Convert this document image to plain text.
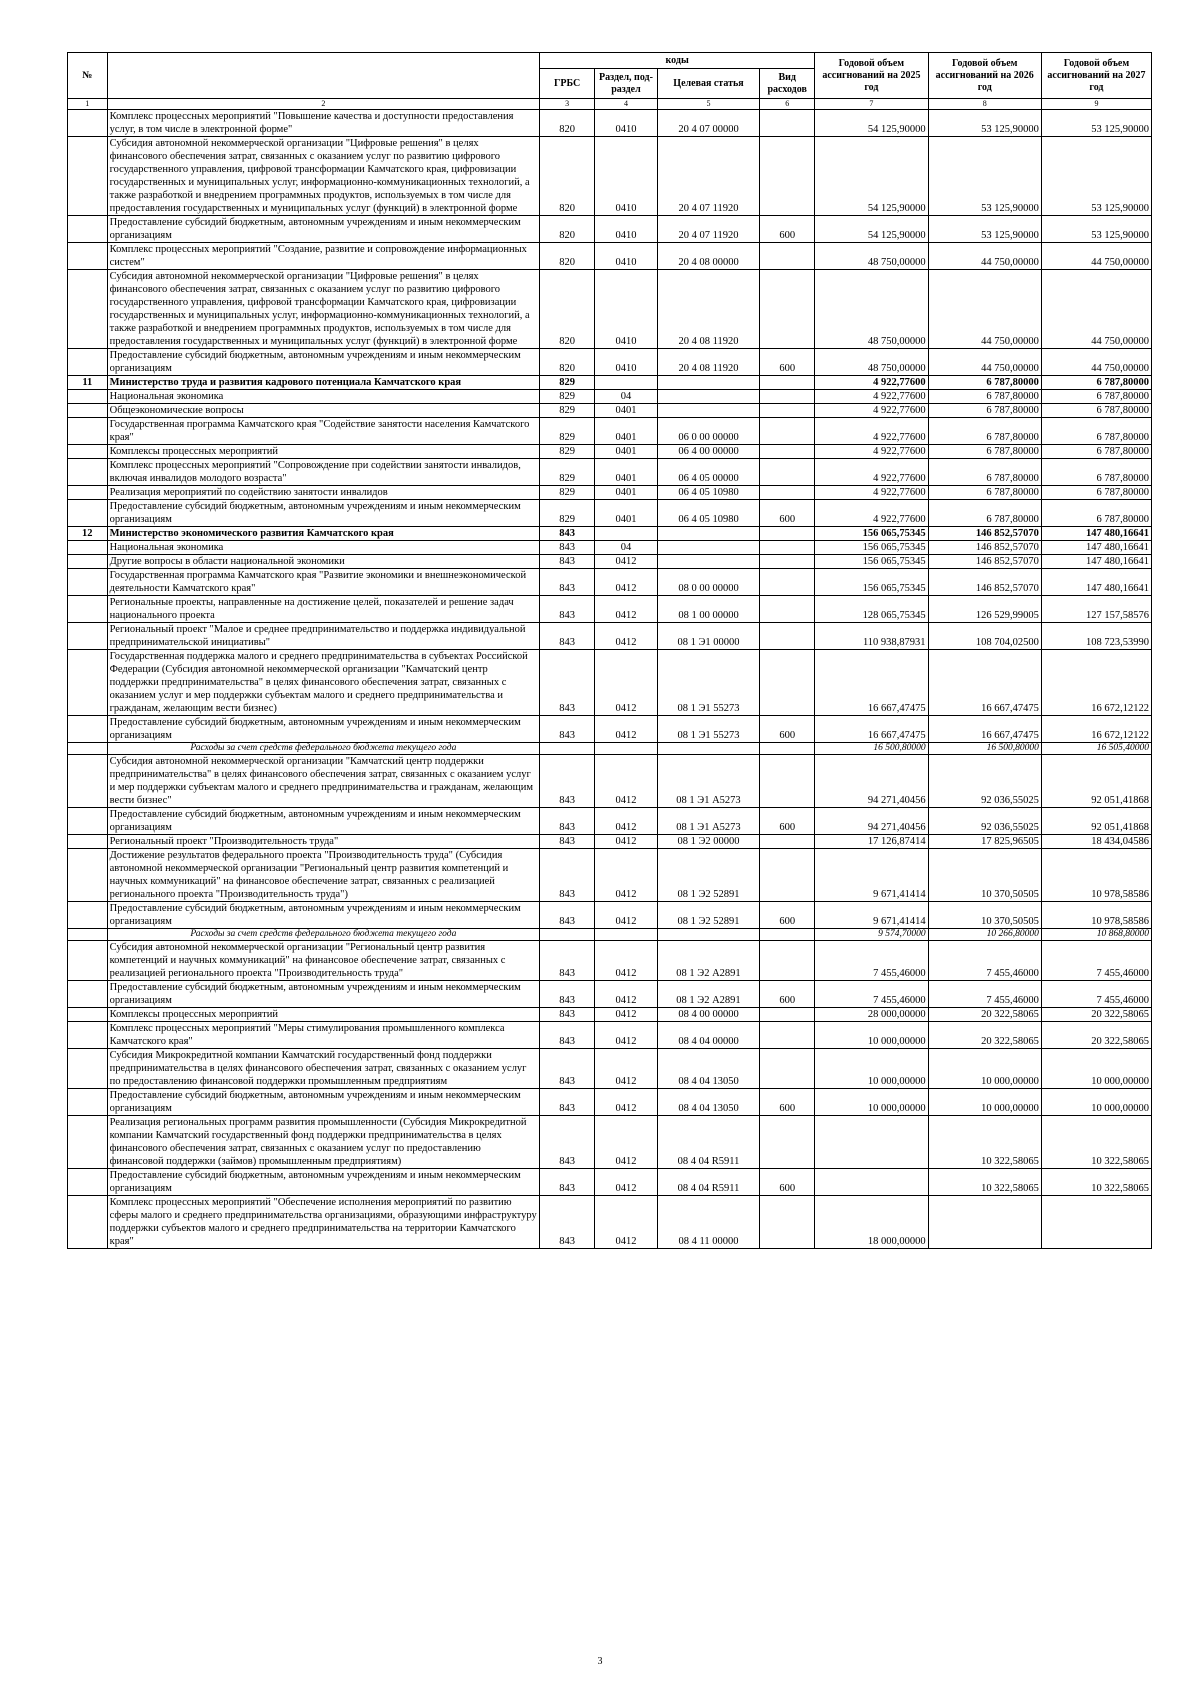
№		коды				Годовой объем ассигнований на 2025 год	Годовой объем ассигнований на 2026 год	Годовой объем ассигнований на 2027 год
		ГРБС	Раздел, под-раздел	Целевая статья	Вид расходов			
1	2	3	4	5	6	7	8	9
	Комплекс процессных мероприятий "Повышение качества и доступности предоставления услуг, в том числе в электронной форме"	820	0410	20 4 07 00000		54 125,90000	53 125,90000	53 125,90000
	Субсидия автономной некоммерческой организации "Цифровые решения" в целях финансового обеспечения затрат, связанных с оказанием услуг по развитию цифрового государственного управления, цифровой трансформации Камчатского края, цифровизации государственных и муниципальных услуг, информационно-коммуникационных технологий, а также разработкой и внедрением программных продуктов, используемых в том числе для предоставления государственных и муниципальных услуг (функций) в электронной форме	820	0410	20 4 07 11920		54 125,90000	53 125,90000	53 125,90000
	Предоставление субсидий бюджетным, автономным учреждениям и иным некоммерческим организациям	820	0410	20 4 07 11920	600	54 125,90000	53 125,90000	53 125,90000
	Комплекс процессных мероприятий "Создание, развитие и сопровождение информационных систем"	820	0410	20 4 08 00000		48 750,00000	44 750,00000	44 750,00000
	Субсидия автономной некоммерческой организации "Цифровые решения" в целях финансового обеспечения затрат, связанных с оказанием услуг по развитию цифрового государственного управления, цифровой трансформации Камчатского края, цифровизации государственных и муниципальных услуг, информационно-коммуникационных технологий, а также разработкой и внедрением программных продуктов, используемых в том числе для предоставления государственных и муниципальных услуг (функций) в электронной форме	820	0410	20 4 08 11920		48 750,00000	44 750,00000	44 750,00000
	Предоставление субсидий бюджетным, автономным учреждениям и иным некоммерческим организациям	820	0410	20 4 08 11920	600	48 750,00000	44 750,00000	44 750,00000
11	Министерство труда и развития кадрового потенциала Камчатского края	829				4 922,77600	6 787,80000	6 787,80000
	Национальная экономика	829	04			4 922,77600	6 787,80000	6 787,80000
	Общеэкономические вопросы	829	0401			4 922,77600	6 787,80000	6 787,80000
	Государственная программа Камчатского края "Содействие занятости населения Камчатского края"	829	0401	06 0 00 00000		4 922,77600	6 787,80000	6 787,80000
	Комплексы процессных мероприятий	829	0401	06 4 00 00000		4 922,77600	6 787,80000	6 787,80000
	Комплекс процессных мероприятий "Сопровождение при содействии занятости инвалидов, включая инвалидов молодого возраста"	829	0401	06 4 05 00000		4 922,77600	6 787,80000	6 787,80000
	Реализация мероприятий по содействию занятости инвалидов	829	0401	06 4 05 10980		4 922,77600	6 787,80000	6 787,80000
	Предоставление субсидий бюджетным, автономным учреждениям и иным некоммерческим организациям	829	0401	06 4 05 10980	600	4 922,77600	6 787,80000	6 787,80000
12	Министерство экономического развития Камчатского края	843				156 065,75345	146 852,57070	147 480,16641
	Национальная экономика	843	04			156 065,75345	146 852,57070	147 480,16641
	Другие вопросы в области национальной экономики	843	0412			156 065,75345	146 852,57070	147 480,16641
	Государственная программа Камчатского края "Развитие экономики и внешнеэкономической деятельности Камчатского края"	843	0412	08 0 00 00000		156 065,75345	146 852,57070	147 480,16641
	Региональные проекты, направленные на достижение целей, показателей и решение задач национального проекта	843	0412	08 1 00 00000		128 065,75345	126 529,99005	127 157,58576
	Региональный проект "Малое и среднее предпринимательство и поддержка индивидуальной предпринимательской инициативы"	843	0412	08 1 Э1 00000		110 938,87931	108 704,02500	108 723,53990
	Государственная поддержка малого и среднего предпринимательства в субъектах Российской Федерации (Субсидия автономной некоммерческой организации "Камчатский центр поддержки предпринимательства" в целях финансового обеспечения затрат, связанных с оказанием услуг и мер поддержки субъектам малого и среднего предпринимательства и гражданам, желающим вести бизнес)	843	0412	08 1 Э1 55273		16 667,47475	16 667,47475	16 672,12122
	Предоставление субсидий бюджетным, автономным учреждениям и иным некоммерческим организациям	843	0412	08 1 Э1 55273	600	16 667,47475	16 667,47475	16 672,12122
	Расходы за счет средств федерального бюджета текущего года					16 500,80000	16 500,80000	16 505,40000
	Субсидия автономной некоммерческой организации "Камчатский центр поддержки предпринимательства" в целях финансового обеспечения затрат, связанных с оказанием услуг и мер поддержки субъектам малого и среднего предпринимательства и гражданам, желающим вести бизнес"	843	0412	08 1 Э1 А5273		94 271,40456	92 036,55025	92 051,41868
	Предоставление субсидий бюджетным, автономным учреждениям и иным некоммерческим организациям	843	0412	08 1 Э1 А5273	600	94 271,40456	92 036,55025	92 051,41868
	Региональный проект "Производительность труда"	843	0412	08 1 Э2 00000		17 126,87414	17 825,96505	18 434,04586
	Достижение результатов федерального проекта "Производительность труда" (Субсидия автономной некоммерческой организации "Региональный центр развития компетенций и научных коммуникаций" на финансовое обеспечение затрат, связанных с реализацией регионального проекта "Производительность труда")	843	0412	08 1 Э2 52891		9 671,41414	10 370,50505	10 978,58586
	Предоставление субсидий бюджетным, автономным учреждениям и иным некоммерческим организациям	843	0412	08 1 Э2 52891	600	9 671,41414	10 370,50505	10 978,58586
	Расходы за счет средств федерального бюджета текущего года					9 574,70000	10 266,80000	10 868,80000
	Субсидия автономной некоммерческой организации "Региональный центр развития компетенций и научных коммуникаций" на финансовое обеспечение затрат, связанных с реализацией регионального проекта "Производительность труда"	843	0412	08 1 Э2 А2891		7 455,46000	7 455,46000	7 455,46000
	Предоставление субсидий бюджетным, автономным учреждениям и иным некоммерческим организациям	843	0412	08 1 Э2 А2891	600	7 455,46000	7 455,46000	7 455,46000
	Комплексы процессных мероприятий	843	0412	08 4 00 00000		28 000,00000	20 322,58065	20 322,58065
	Комплекс процессных мероприятий "Меры стимулирования промышленного комплекса Камчатского края"	843	0412	08 4 04 00000		10 000,00000	20 322,58065	20 322,58065
	Субсидия Микрокредитной компании Камчатский государственный фонд поддержки предпринимательства в целях финансового обеспечения затрат, связанных с оказанием услуг по предоставлению финансовой поддержки промышленным предприятиям	843	0412	08 4 04 13050		10 000,00000	10 000,00000	10 000,00000
	Предоставление субсидий бюджетным, автономным учреждениям и иным некоммерческим организациям	843	0412	08 4 04 13050	600	10 000,00000	10 000,00000	10 000,00000
	Реализация региональных программ развития промышленности (Субсидия Микрокредитной компании Камчатский государственный фонд поддержки предпринимательства в целях финансового обеспечения затрат, связанных с оказанием услуг по предоставлению финансовой поддержки (займов) промышленным предприятиям)	843	0412	08 4 04 R5911			10 322,58065	10 322,58065
	Предоставление субсидий бюджетным, автономным учреждениям и иным некоммерческим организациям	843	0412	08 4 04 R5911	600		10 322,58065	10 322,58065
	Комплекс процессных мероприятий "Обеспечение исполнения мероприятий по развитию сферы малого и среднего предпринимательства организациями, образующими инфраструктуру поддержки субъектов малого и среднего предпринимательства на территории Камчатского края"	843	0412	08 4 11 00000		18 000,00000		
3
